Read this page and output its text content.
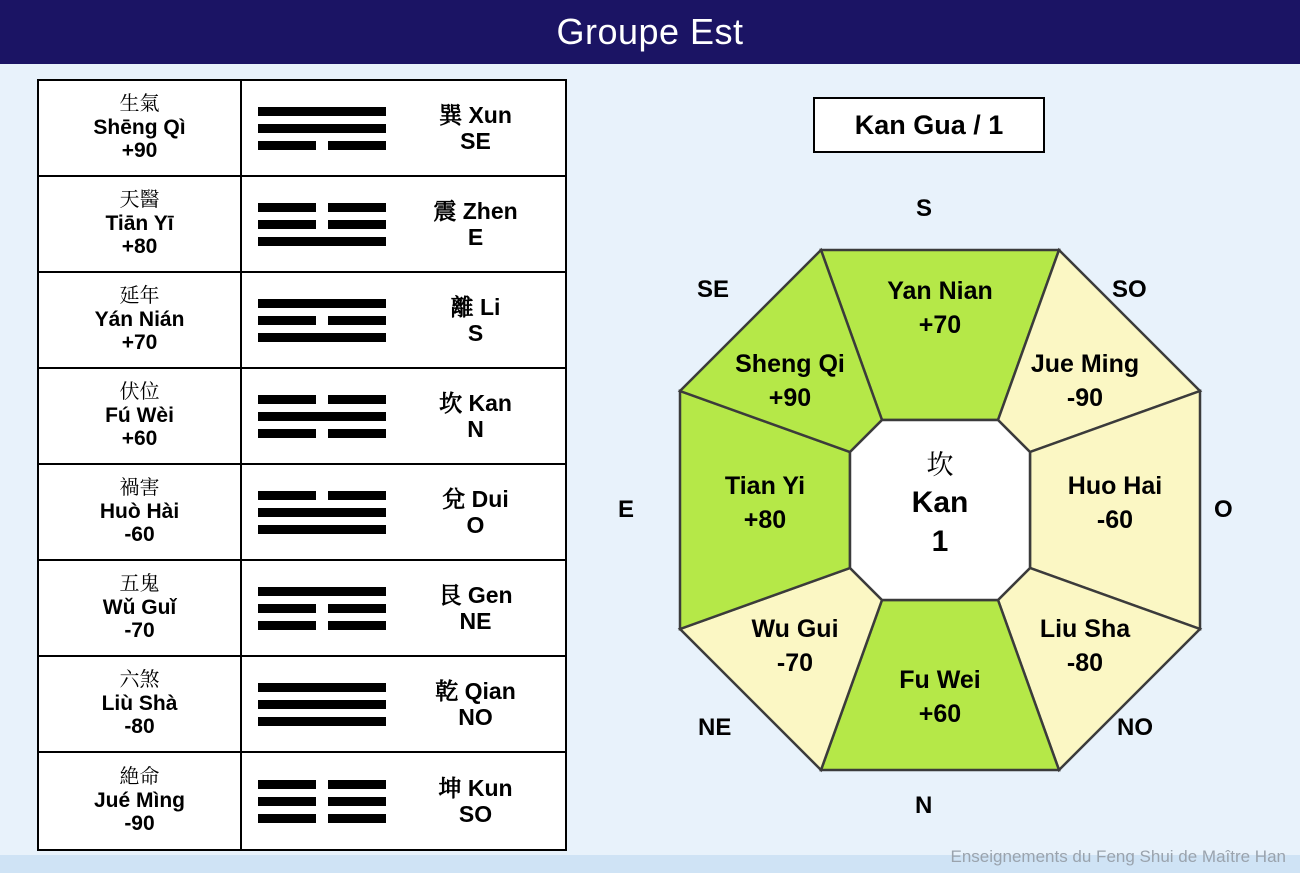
Groupe Est
生氣
Shēng Qì
+90
巽 Xun
SE
天醫
Tiān Yī
+80
震 Zhen
E
延年
Yán Nián
+70
離 Li
S
伏位
Fú Wèi
+60
坎 Kan
N
禍害
Huò Hài
-60
兌 Dui
O
五鬼
Wǔ Guǐ
-70
艮 Gen
NE
六煞
Liù Shà
-80
乾 Qian
NO
絶命
Jué Mìng
-90
坤 Kun
SO
Kan Gua / 1
Yan Nian
+70
Jue Ming
-90
Huo Hai
-60
Liu Sha
-80
Fu Wei
+60
Wu Gui
-70
Tian Yi
+80
Sheng Qi
+90
坎
Kan
1
S
SO
O
NO
N
NE
E
SE
Enseignements du Feng Shui de Maître Han
